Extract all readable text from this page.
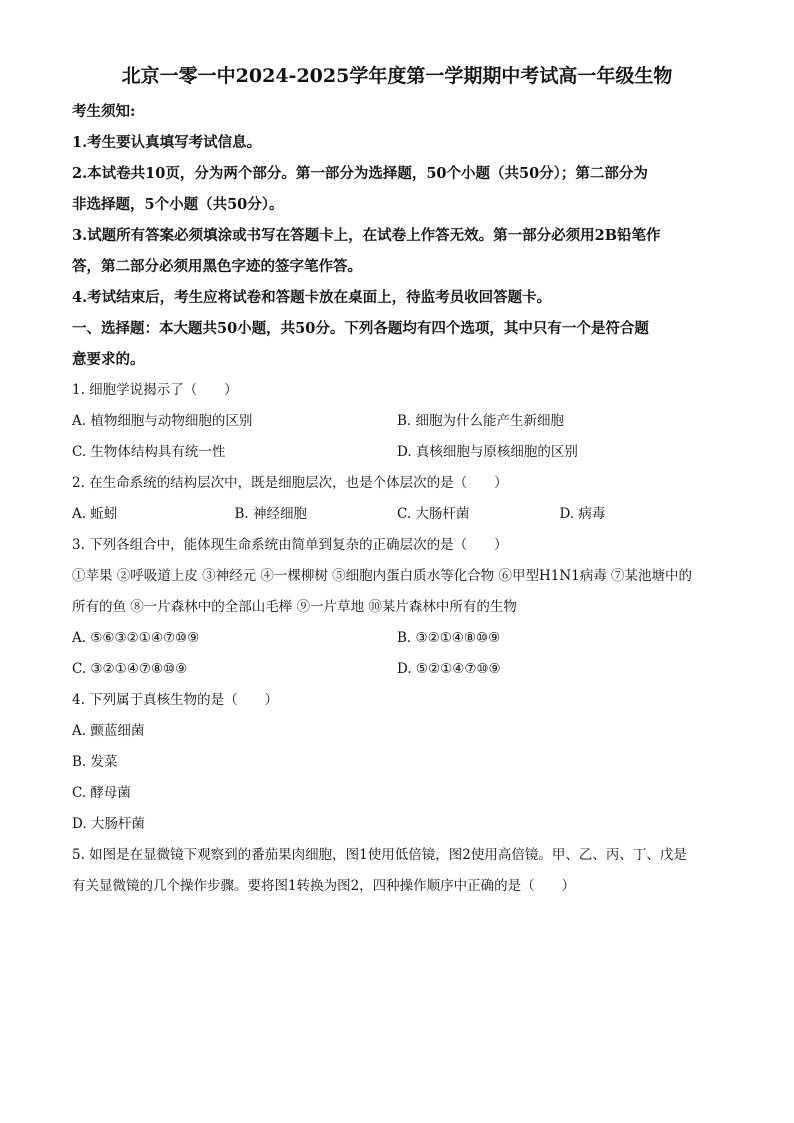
北京一零一中2024-2025学年度第一学期期中考试高一年级生物
考生须知:
1.考生要认真填写考试信息。
2.本试卷共10页，分为两个部分。第一部分为选择题，50个小题（共50分）；第二部分为
非选择题，5个小题（共50分）。
3.试题所有答案必须填涂或书写在答题卡上，在试卷上作答无效。第一部分必须用2B铅笔作
答，第二部分必须用黑色字迹的签字笔作答。
4.考试结束后，考生应将试卷和答题卡放在桌面上，待监考员收回答题卡。
一、选择题：本大题共50小题，共50分。下列各题均有四个选项，其中只有一个是符合题
意要求的。
1. 细胞学说揭示了（　　）
A. 植物细胞与动物细胞的区别	B. 细胞为什么能产生新细胞
C. 生物体结构具有统一性	D. 真核细胞与原核细胞的区别
2. 在生命系统的结构层次中，既是细胞层次，也是个体层次的是（　　）
A. 蚯蚓	B. 神经细胞	C. 大肠杆菌	D. 病毒
3. 下列各组合中，能体现生命系统由简单到复杂的正确层次的是（　　）
①苹果 ②呼吸道上皮 ③神经元 ④一棵柳树 ⑤细胞内蛋白质水等化合物 ⑥甲型H1N1病毒 ⑦某池塘中的
所有的鱼 ⑧一片森林中的全部山毛榉 ⑨一片草地 ⑩某片森林中所有的生物
A. ⑤⑥③②①④⑦⑩⑨	B. ③②①④⑧⑩⑨
C. ③②①④⑦⑧⑩⑨	D. ⑤②①④⑦⑩⑨
4. 下列属于真核生物的是（　　）
A. 颤蓝细菌
B. 发菜
C. 酵母菌
D. 大肠杆菌
5. 如图是在显微镜下观察到的番茄果肉细胞，图1使用低倍镜，图2使用高倍镜。甲、乙、丙、丁、戊是
有关显微镜的几个操作步骤。要将图1转换为图2，四种操作顺序中正确的是（　　）
